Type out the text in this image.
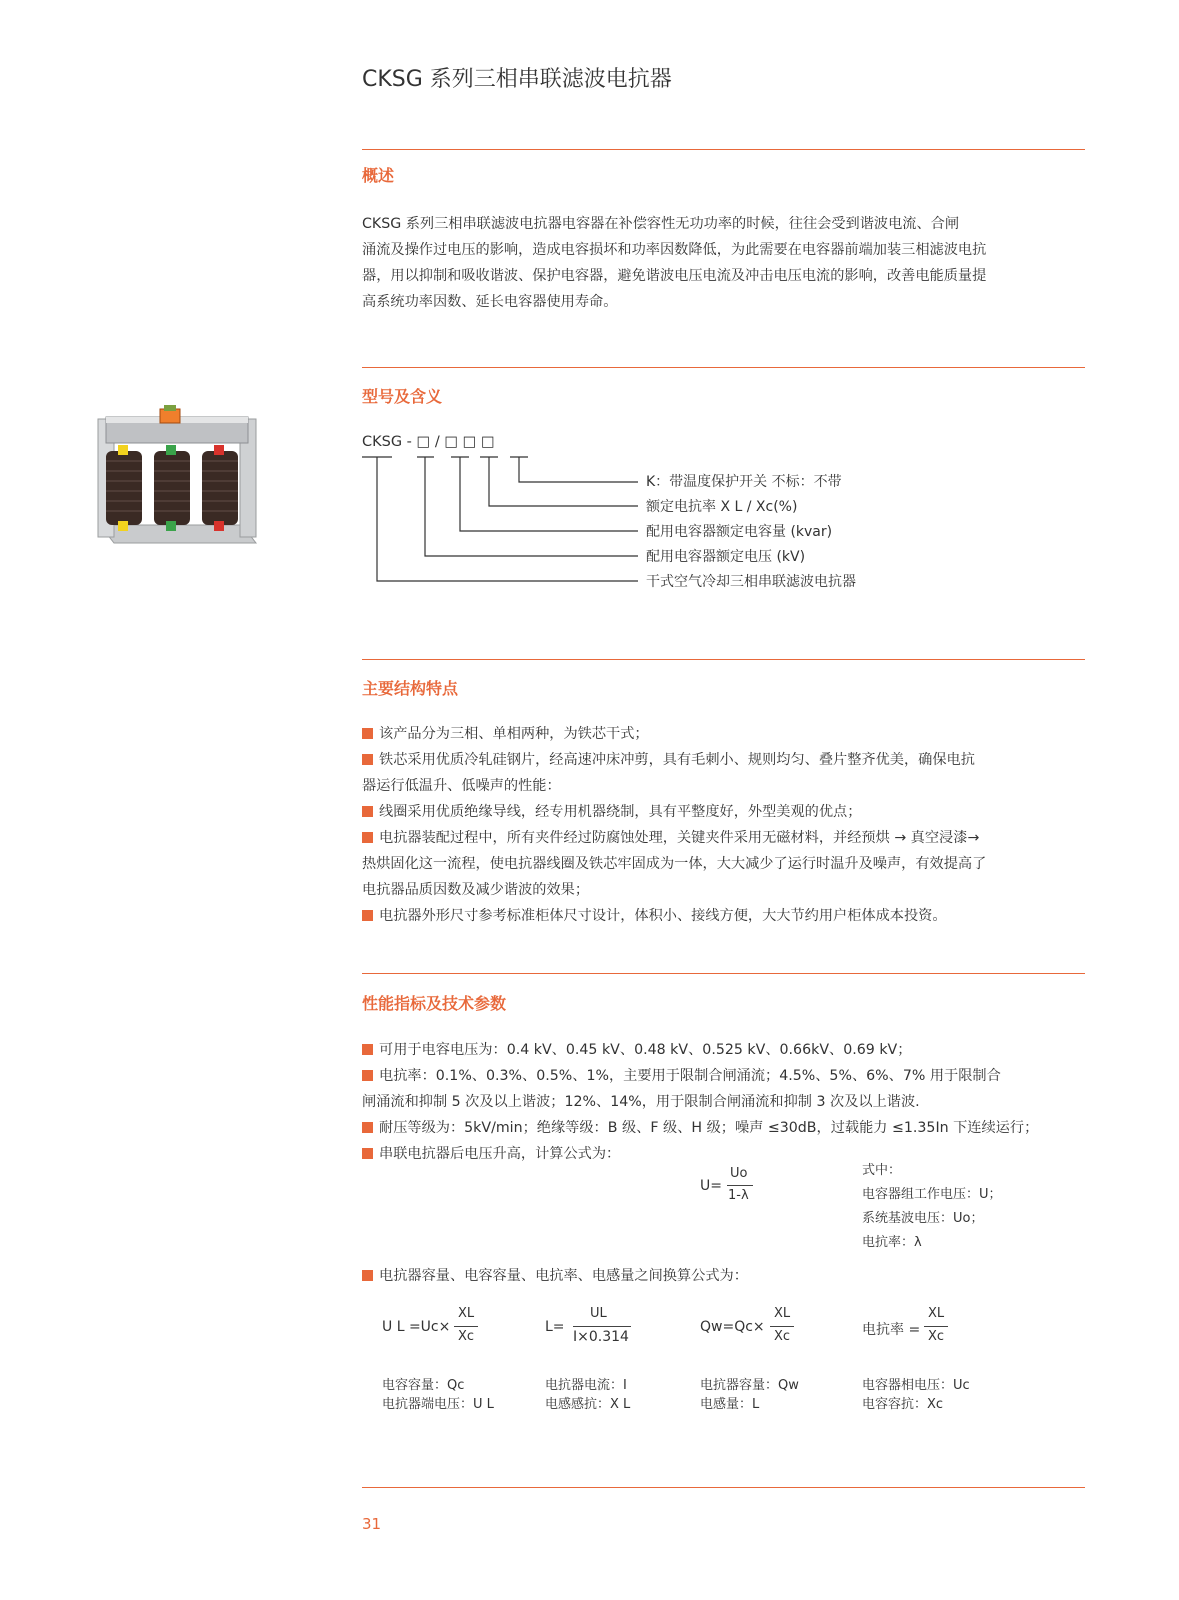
CKSG 系列三相串联滤波电抗器
概述
CKSG 系列三相串联滤波电抗器电容器在补偿容性无功功率的时候，往往会受到谐波电流、合闸
涌流及操作过电压的影响，造成电容损坏和功率因数降低，为此需要在电容器前端加装三相滤波电抗
器，用以抑制和吸收谐波、保护电容器，避免谐波电压电流及冲击电压电流的影响，改善电能质量提
高系统功率因数、延长电容器使用寿命。
型号及含义
CKSG - □ / □ □ □
K：带温度保护开关 不标：不带
额定电抗率 X L / Xc(%)
配用电容器额定电容量 (kvar)
配用电容器额定电压 (kV)
干式空气冷却三相串联滤波电抗器
主要结构特点
该产品分为三相、单相两种，为铁芯干式；
铁芯采用优质冷轧硅钢片，经高速冲床冲剪，具有毛刺小、规则均匀、叠片整齐优美，确保电抗
器运行低温升、低噪声的性能：
线圈采用优质绝缘导线，经专用机器绕制，具有平整度好，外型美观的优点；
电抗器装配过程中，所有夹件经过防腐蚀处理，关键夹件采用无磁材料，并经预烘 → 真空浸漆→
热烘固化这一流程，使电抗器线圈及铁芯牢固成为一体，大大减少了运行时温升及噪声，有效提高了
电抗器品质因数及减少谐波的效果；
电抗器外形尺寸参考标准柜体尺寸设计，体积小、接线方便，大大节约用户柜体成本投资。
性能指标及技术参数
可用于电容电压为：0.4 kV、0.45 kV、0.48 kV、0.525 kV、0.66kV、0.69 kV；
电抗率：0.1%、0.3%、0.5%、1%，主要用于限制合闸涌流；4.5%、5%、6%、7% 用于限制合
闸涌流和抑制 5 次及以上谐波；12%、14%，用于限制合闸涌流和抑制 3 次及以上谐波.
耐压等级为：5kV/min；绝缘等级：B 级、F 级、H 级；噪声 ≤30dB，过载能力 ≤1.35In 下连续运行；
串联电抗器后电压升高，计算公式为：
U=
Uo
1-λ
式中：
电容器组工作电压：U；
系统基波电压：Uo；
电抗率：λ
电抗器容量、电容容量、电抗率、电感量之间换算公式为：
U L =Uc×
XL
Xc
L=
UL
I×0.314
Qw=Qc×
XL
Xc	电抗率 =
XL
Xc
电容容量：Qc
电抗器端电压：U L
电抗器电流：I
电感感抗：X L
电抗器容量：Qw
电感量：L
电容器相电压：Uc
电容容抗：Xc
31
